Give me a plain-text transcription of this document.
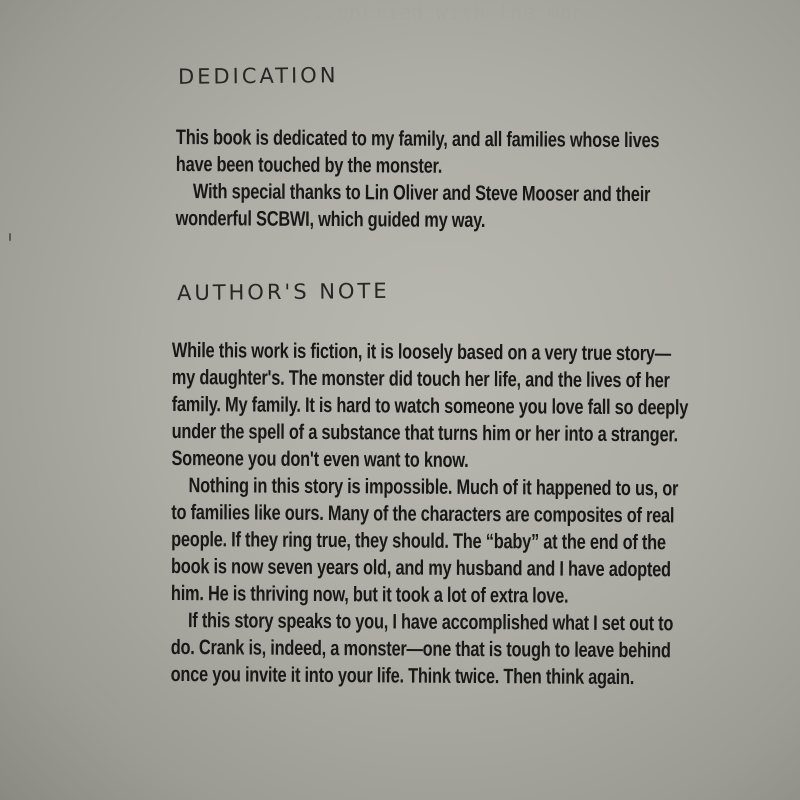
...uncried with the monster...
DEDICATION
This book is dedicated to my family, and all families whose lives
have been touched by the monster.
With special thanks to Lin Oliver and Steve Mooser and their
wonderful SCBWI, which guided my way.
AUTHOR'S NOTE
While this work is fiction, it is loosely based on a very true story—
my daughter's. The monster did touch her life, and the lives of her
family. My family. It is hard to watch someone you love fall so deeply
under the spell of a substance that turns him or her into a stranger.
Someone you don't even want to know.
Nothing in this story is impossible. Much of it happened to us, or
to families like ours. Many of the characters are composites of real
people. If they ring true, they should. The “baby” at the end of the
book is now seven years old, and my husband and I have adopted
him. He is thriving now, but it took a lot of extra love.
If this story speaks to you, I have accomplished what I set out to
do. Crank is, indeed, a monster—one that is tough to leave behind
once you invite it into your life. Think twice. Then think again.
